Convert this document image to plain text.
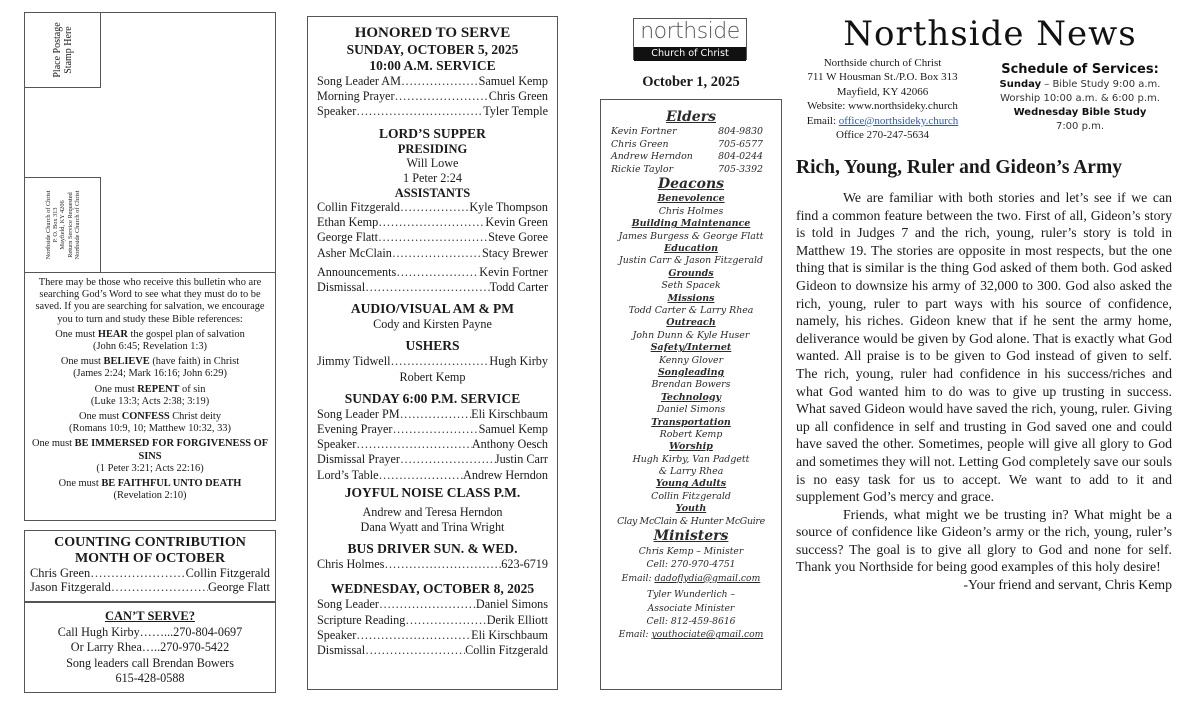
Place Postage Stamp Here
Northside Church of Christ P. O. Box 313 Mayfield, KY 4206 Return Service Requested Northside Church of Christ

There may be those who receive this bulletin who are searching God’s Word to see what they must do to be saved. If you are searching for salvation, we encourage you to turn and study these Bible references:

One must HEAR the gospel plan of salvation
(John 6:45; Revelation 1:3)

One must BELIEVE (have faith) in Christ
(James 2:24; Mark 16:16; John 6:29)

One must REPENT of sin
(Luke 13:3; Acts 2:38; 3:19)

One must CONFESS Christ deity
(Romans 10:9, 10; Matthew 10:32, 33)

One must BE IMMERSED FOR FORGIVENESS OF SINS
(1 Peter 3:21; Acts 22:16)

One must BE FAITHFUL UNTO DEATH
(Revelation 2:10)

COUNTING CONTRIBUTION
MONTH OF OCTOBER
Chris Green …………………………………………………………………………………………	Collin Fitzgerald
Jason Fitzgerald …………………………………………………………………………………………	George Flatt
CAN’T SERVE?
Call Hugh Kirby……...270-804-0697
Or Larry Rhea…..270-970-5422
Song leaders call Brendan Bowers
615-428-0588
HONORED TO SERVE
SUNDAY, OCTOBER 5, 2025
10:00 A.M. SERVICE
Song Leader AM …………………………………………………………………………………………	Samuel Kemp
Morning Prayer …………………………………………………………………………………………	Chris Green
Speaker …………………………………………………………………………………………	Tyler Temple
LORD’S SUPPER
PRESIDING
Will Lowe
1 Peter 2:24
ASSISTANTS
Collin Fitzgerald …………………………………………………………………………………………	Kyle Thompson
Ethan Kemp …………………………………………………………………………………………	Kevin Green
George Flatt …………………………………………………………………………………………	Steve Goree
Asher McClain …………………………………………………………………………………………	Stacy Brewer
Announcements …………………………………………………………………………………………	Kevin Fortner
Dismissal …………………………………………………………………………………………	Todd Carter
AUDIO/VISUAL AM & PM
Cody and Kirsten Payne
USHERS
Jimmy Tidwell …………………………………………………………………………………………	Hugh Kirby
Robert Kemp
SUNDAY 6:00 P.M. SERVICE
Song Leader PM …………………………………………………………………………………………	Eli Kirschbaum
Evening Prayer …………………………………………………………………………………………	Samuel Kemp
Speaker …………………………………………………………………………………………	Anthony Oesch
Dismissal Prayer …………………………………………………………………………………………	Justin Carr
Lord’s Table …………………………………………………………………………………………	Andrew Herndon
JOYFUL NOISE CLASS P.M.
Andrew and Teresa Herndon
Dana Wyatt and Trina Wright
BUS DRIVER SUN. & WED.
Chris Holmes …………………………………………………………………………………………	623-6719
WEDNESDAY, OCTOBER 8, 2025
Song Leader …………………………………………………………………………………………	Daniel Simons
Scripture Reading …………………………………………………………………………………………	Derik Elliott
Speaker …………………………………………………………………………………………	Eli Kirschbaum
Dismissal …………………………………………………………………………………………	Collin Fitzgerald
northside
Church of Christ
October 1, 2025
Elders
Kevin Fortner	804-9830
Chris Green	705-6577
Andrew Herndon	804-0244
Rickie Taylor	705-3392
Deacons
Benevolence
Chris Holmes
Building Maintenance
James Burgess & George Flatt
Education
Justin Carr & Jason Fitzgerald
Grounds
Seth Spacek
Missions
Todd Carter & Larry Rhea
Outreach
John Dunn & Kyle Huser
Safety/Internet
Kenny Glover
Songleading
Brendan Bowers
Technology
Daniel Simons
Transportation
Robert Kemp
Worship
Hugh Kirby, Van Padgett
& Larry Rhea
Young Adults
Collin Fitzgerald
Youth
Clay McClain & Hunter McGuire
Ministers
Chris Kemp – Minister
Cell: 270-970-4751
Email: dadoflydia@gmail.com
Tyler Wunderlich –
Associate Minister
Cell: 812-459-8616
Email: youthociate@gmail.com
Northside News
Northside church of Christ
711 W Housman St./P.O. Box 313
Mayfield, KY 42066
Website: www.northsideky.church
Email: office@northsideky.church
Office 270-247-5634
Schedule of Services:
Sunday – Bible Study 9:00 a.m.
Worship 10:00 a.m. & 6:00 p.m.
Wednesday Bible Study
7:00 p.m.
Rich, Young, Ruler and Gideon’s Army

We are familiar with both stories and let’s see if we can find a common feature between the two. First of all, Gideon’s story is told in Judges 7 and the rich, young, ruler’s story is told in Matthew 19. The stories are opposite in most respects, but the one thing that is similar is the thing God asked of them both. God asked Gideon to downsize his army of 32,000 to 300. God also asked the rich, young, ruler to part ways with his source of confidence, namely, his riches. Gideon knew that if he sent the army home, deliverance would be given by God alone. That is exactly what God wanted. All praise is to be given to God instead of given to self. The rich, young, ruler had confidence in his success/riches and what God wanted him to do was to give up trusting in success. What saved Gideon would have saved the rich, young, ruler. Giving up all confidence in self and trusting in God saved one and could have saved the other. Sometimes, people will give all glory to God and sometimes they will not. Letting God completely save our souls is no easy task for us to accept. We want to add to it and supplement God’s mercy and grace.

Friends, what might we be trusting in? What might be a source of confidence like Gideon’s army or the rich, young, ruler’s success? The goal is to give all glory to God and none for self. Thank you Northside for being good examples of this holy desire!

-Your friend and servant, Chris Kemp
